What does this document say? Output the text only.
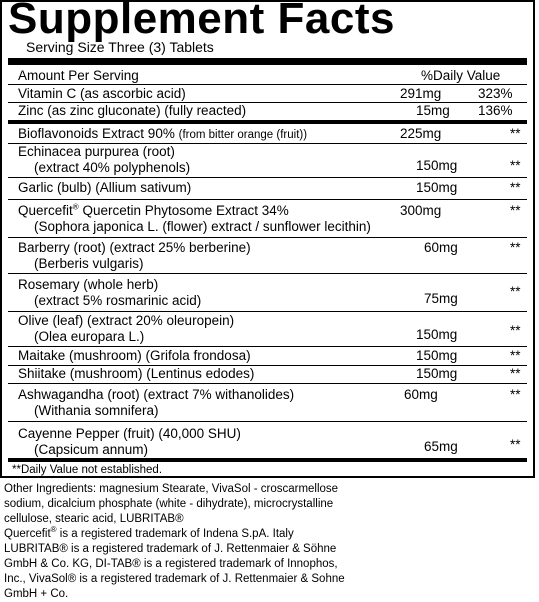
Supplement Facts
Serving Size Three (3) Tablets
Amount Per Serving	%Daily Value
Vitamin C (as ascorbic acid)	291mg	323%
Zinc (as zinc gluconate) (fully reacted)	15mg 136%
Bioflavonoids Extract 90% (from bitter orange (fruit))	225mg	**
Echinacea purpurea (root)
(extract 40% polyphenols)	150mg	**
Garlic (bulb) (Allium sativum)	150mg	**
Quercefit® Quercetin Phytosome Extract 34%
(Sophora japonica L. (flower) extract / sunflower lecithin)
300mg	**
Barberry (root) (extract 25% berberine)
(Berberis vulgaris)
60mg	**
Rosemary (whole herb)
(extract 5% rosmarinic acid)	75mg	**
Olive (leaf) (extract 20% oleuropein)
(Olea europara L.)	150mg	**
Maitake (mushroom) (Grifola frondosa)	150mg	**
Shiitake (mushroom) (Lentinus edodes)	150mg	**
Ashwagandha (root) (extract 7% withanolides)
(Withania somnifera)
60mg	**
Cayenne Pepper (fruit) (40,000 SHU)
(Capsicum annum)	65mg	**
**Daily Value not established.
Other Ingredients: magnesium Stearate, VivaSol - croscarmellose
sodium, dicalcium phosphate (white - dihydrate), microcrystalline
cellulose, stearic acid, LUBRITAB®
Quercefit® is a registered trademark of Indena S.pA. Italy
LUBRITAB® is a registered trademark of J. Rettenmaier & Söhne
GmbH & Co. KG, DI-TAB® is a registered trademark of Innophos,
Inc., VivaSol® is a registered trademark of J. Rettenmaier & Sohne
GmbH + Co.
